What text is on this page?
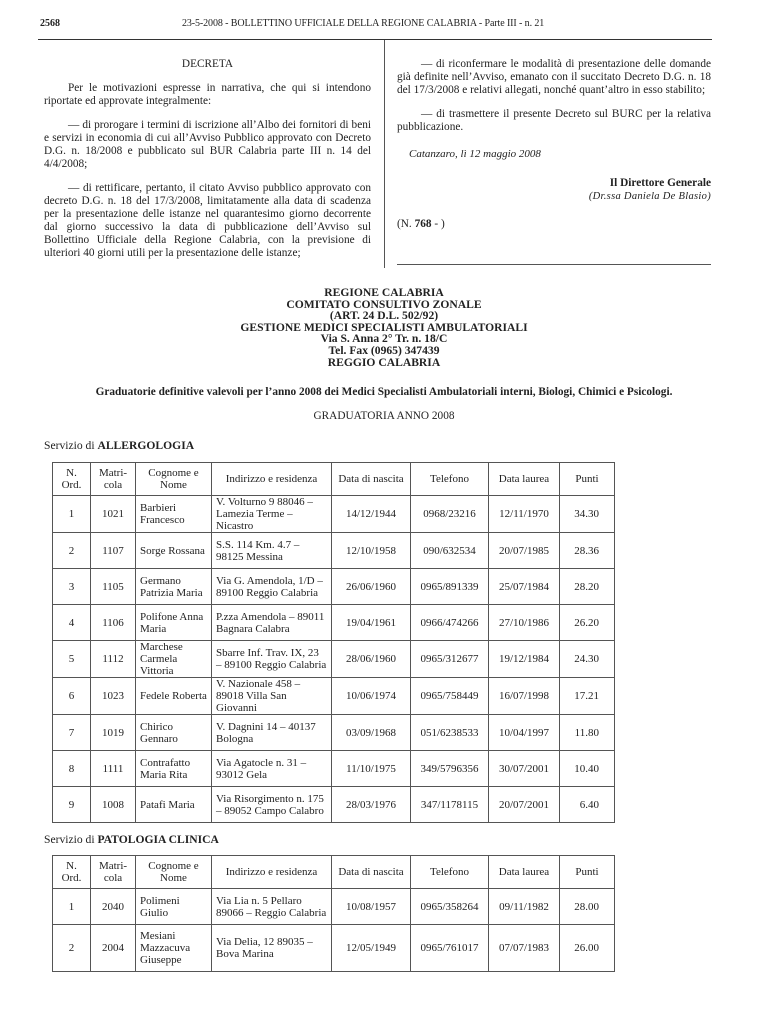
2568	23-5-2008 - BOLLETTINO UFFICIALE DELLA REGIONE CALABRIA - Parte III - n. 21

DECRETA

Per le motivazioni espresse in narrativa, che qui si intendono riportate ed approvate integralmente:

— di prorogare i termini di iscrizione all’Albo dei fornitori di beni e servizi in economia di cui all’Avviso Pubblico approvato con Decreto D.G. n. 18/2008 e pubblicato sul BUR Calabria parte III n. 14 del 4/4/2008;

— di rettificare, pertanto, il citato Avviso pubblico approvato con decreto D.G. n. 18 del 17/3/2008, limitatamente alla data di scadenza per la presentazione delle istanze nel quarantesimo giorno decorrente dal giorno successivo la data di pubblicazione dell’Avviso sul Bollettino Ufficiale della Regione Calabria, con la previsione di ulteriori 40 giorni utili per la presentazione delle istanze;

— di riconfermare le modalità di presentazione delle domande già definite nell’Avviso, emanato con il succitato Decreto D.G. n. 18 del 17/3/2008 e relativi allegati, nonché quant’altro in esso stabilito;

— di trasmettere il presente Decreto sul BURC per la relativa pubblicazione.

Catanzaro, lì 12 maggio 2008

Il Direttore Generale

(Dr.ssa Daniela De Blasio)

(N. 768 - )

REGIONE CALABRIA
COMITATO CONSULTIVO ZONALE
(ART. 24 D.L. 502/92)
GESTIONE MEDICI SPECIALISTI AMBULATORIALI
Via S. Anna 2° Tr. n. 18/C
Tel. Fax (0965) 347439
REGGIO CALABRIA
Graduatorie definitive valevoli per l’anno 2008 dei Medici Specialisti Ambulatoriali interni, Biologi, Chimici e Psicologi.
GRADUATORIA ANNO 2008
Servizio di ALLERGOLOGIA
N. Ord.	Matri- cola	Cognome e Nome	Indirizzo e residenza	Data di nascita	Telefono	Data laurea	Punti
1	1021	Barbieri Francesco	V. Volturno 9 88046 – Lamezia Terme – Nicastro	14/12/1944	0968/23216	12/11/1970	34.30
2	1107	Sorge Rossana	S.S. 114 Km. 4.7 – 98125 Messina	12/10/1958	090/632534	20/07/1985	28.36
3	1105	Germano Patrizia Maria	Via G. Amendola, 1/D – 89100 Reggio Calabria	26/06/1960	0965/891339	25/07/1984	28.20
4	1106	Polifone Anna Maria	P.zza Amendola – 89011 Bagnara Calabra	19/04/1961	0966/474266	27/10/1986	26.20
5	1112	Marchese Carmela Vittoria	Sbarre Inf. Trav. IX, 23 – 89100 Reggio Calabria	28/06/1960	0965/312677	19/12/1984	24.30
6	1023	Fedele Roberta	V. Nazionale 458 – 89018 Villa San Giovanni	10/06/1974	0965/758449	16/07/1998	17.21
7	1019	Chirico Gennaro	V. Dagnini 14 – 40137 Bologna	03/09/1968	051/6238533	10/04/1997	11.80
8	1111	Contrafatto Maria Rita	Via Agatocle n. 31 – 93012 Gela	11/10/1975	349/5796356	30/07/2001	10.40
9	1008	Patafi Maria	Via Risorgimento n. 175 – 89052 Campo Calabro	28/03/1976	347/1178115	20/07/2001	6.40
Servizio di PATOLOGIA CLINICA
N. Ord.	Matri- cola	Cognome e Nome	Indirizzo e residenza	Data di nascita	Telefono	Data laurea	Punti
1	2040	Polimeni Giulio	Via Lia n. 5 Pellaro 89066 – Reggio Calabria	10/08/1957	0965/358264	09/11/1982	28.00
2	2004	Mesiani Mazzacuva Giuseppe	Via Delia, 12 89035 – Bova Marina	12/05/1949	0965/761017	07/07/1983	26.00
